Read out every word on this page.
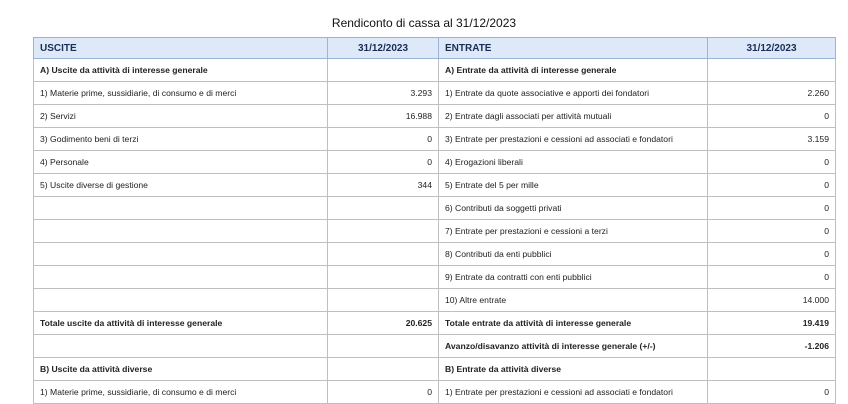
Rendiconto di cassa al 31/12/2023
USCITE	31/12/2023	ENTRATE	31/12/2023
A) Uscite da attività di interesse generale		A) Entrate da attività di interesse generale	
1) Materie prime, sussidiarie, di consumo e di merci	3.293	1) Entrate da quote associative e apporti dei fondatori	2.260
2) Servizi	16.988	2) Entrate dagli associati per attività mutuali	0
3) Godimento beni di terzi	0	3) Entrate per prestazioni e cessioni ad associati e fondatori	3.159
4) Personale	0	4) Erogazioni liberali	0
5) Uscite diverse di gestione	344	5) Entrate del 5 per mille	0
		6) Contributi da soggetti privati	0
		7) Entrate per prestazioni e cessioni a terzi	0
		8) Contributi da enti pubblici	0
		9) Entrate da contratti con enti pubblici	0
		10) Altre entrate	14.000
Totale uscite da attività di interesse generale	20.625	Totale entrate da attività di interesse generale	19.419
		Avanzo/disavanzo attività di interesse generale (+/-)	-1.206
B) Uscite da attività diverse		B) Entrate da attività diverse	
1) Materie prime, sussidiarie, di consumo e di merci	0	1) Entrate per prestazioni e cessioni ad associati e fondatori	0
